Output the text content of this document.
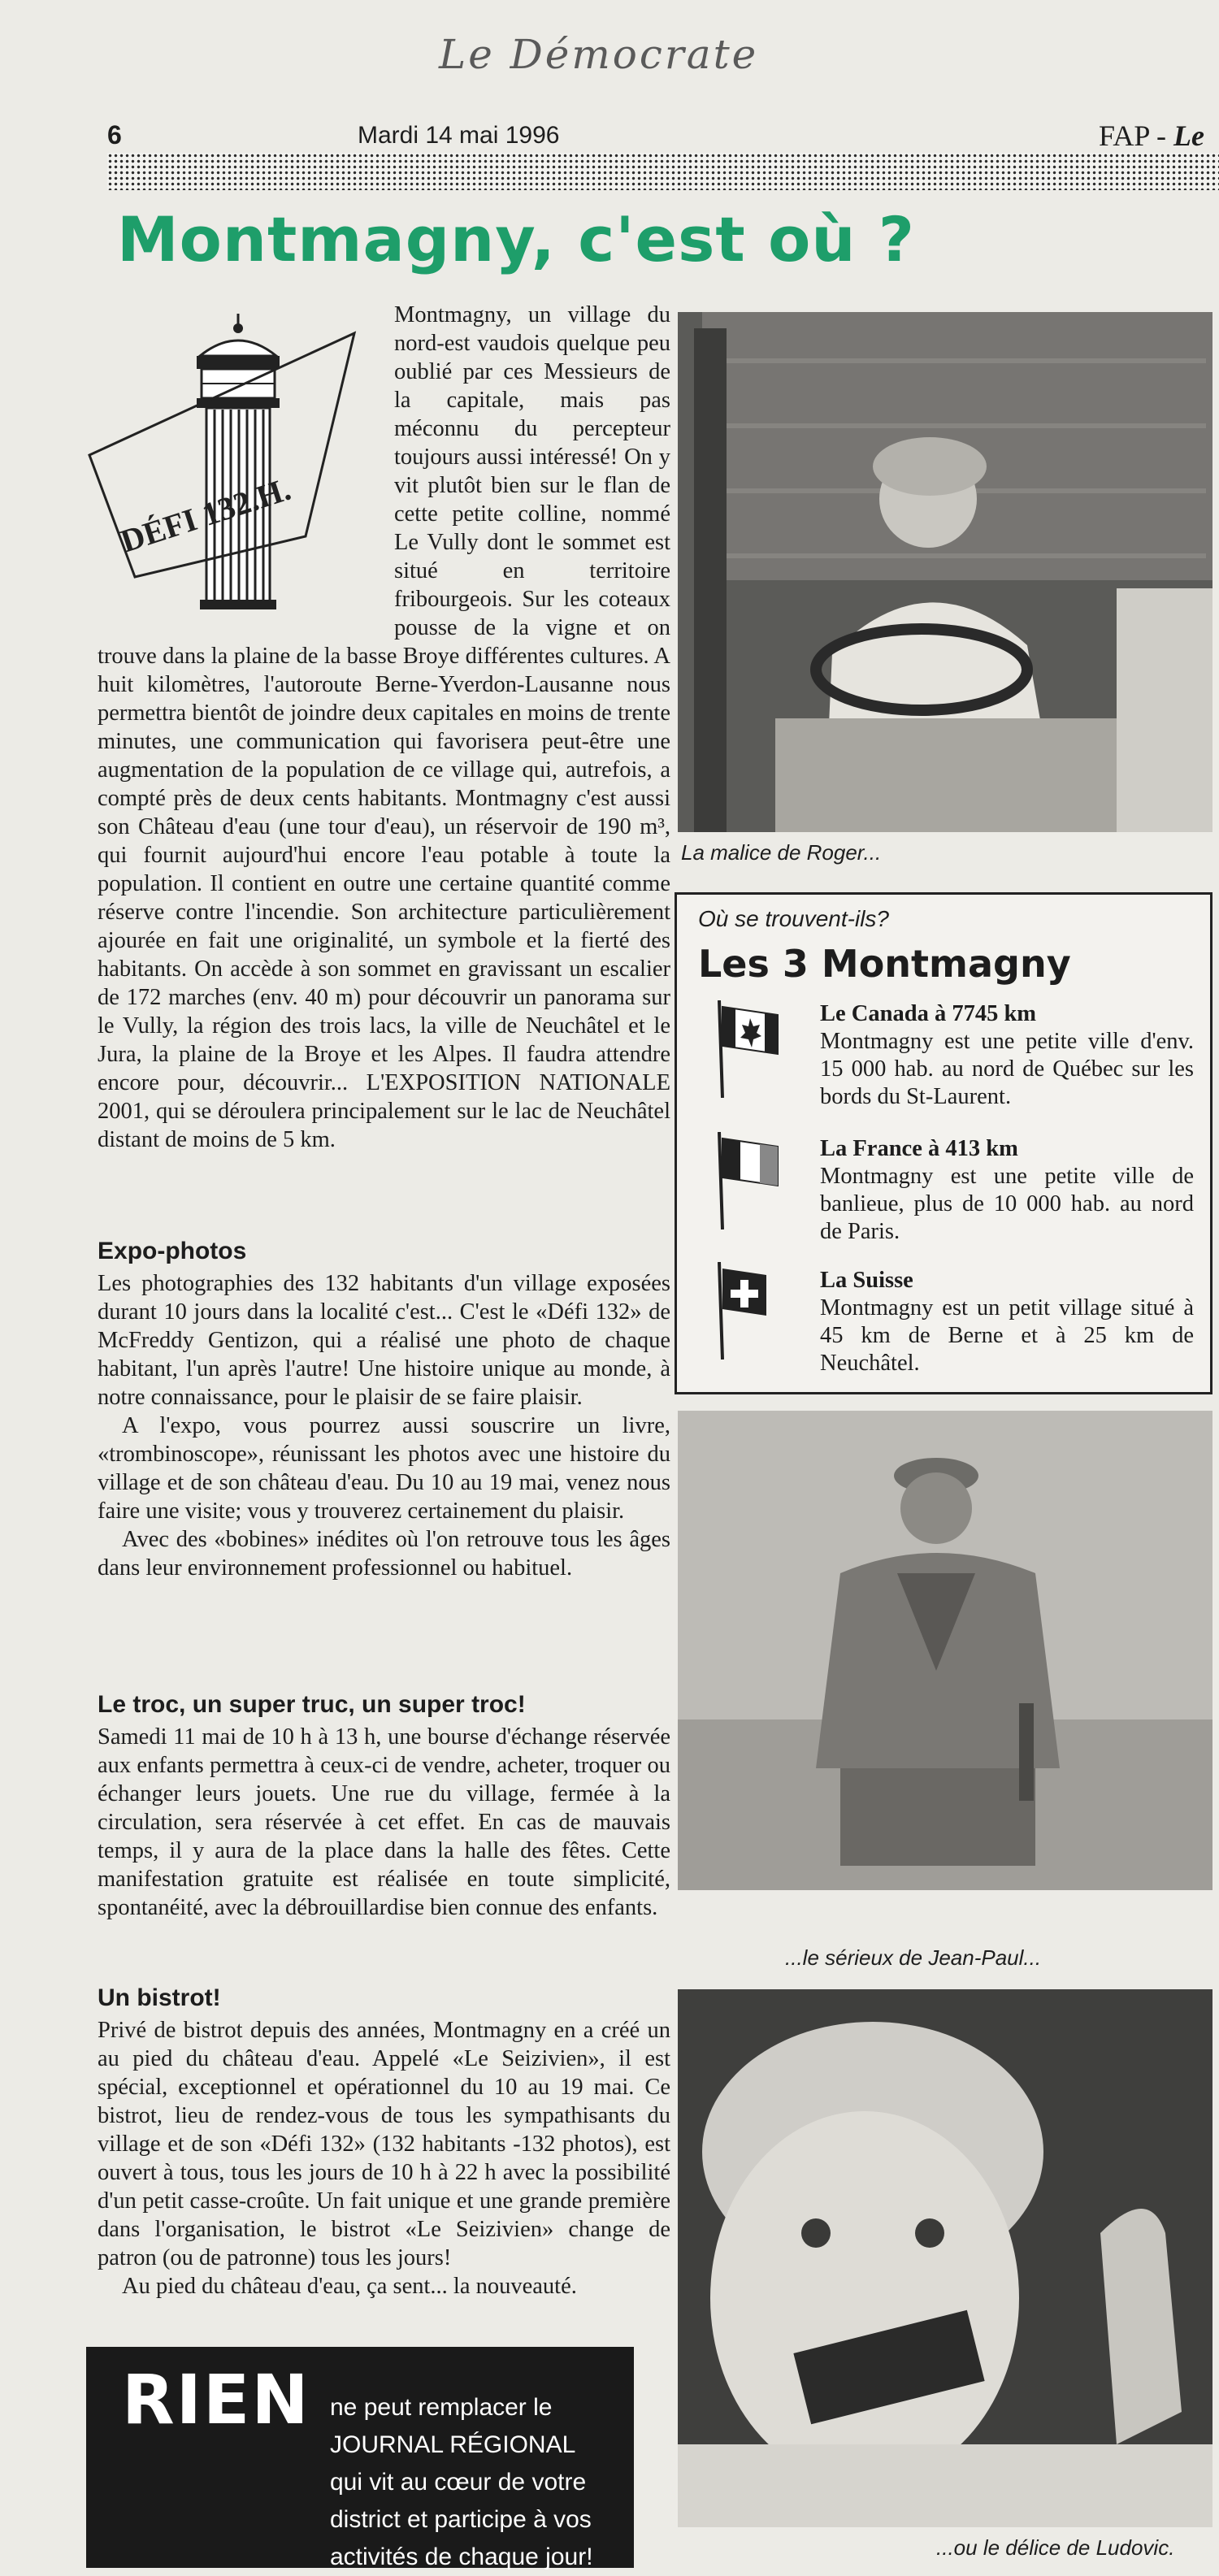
Le Démocrate
6	Mardi 14 mai 1996	FAP - Le
Montmagny, c'est où ?
DÉFI 132.H.

Montmagny, un village du nord-est vaudois quelque peu oublié par ces Messieurs de la capitale, mais pas méconnu du percepteur toujours aussi intéressé! On y vit plutôt bien sur le flan de cette petite colline, nommé Le Vully dont le sommet est situé en territoire fribourgeois. Sur les coteaux pousse de la vigne et on trouve dans la plaine de la basse Broye différentes cultures. A huit kilomètres, l'autoroute Berne-Yverdon-Lausanne nous permettra bientôt de joindre deux capitales en moins de trente minutes, une communication qui favorisera peut-être une augmentation de la population de ce village qui, autrefois, a compté près de deux cents habitants. Montmagny c'est aussi son Château d'eau (une tour d'eau), un réservoir de 190 m³, qui fournit aujourd'hui encore l'eau potable à toute la population. Il contient en outre une certaine quantité comme réserve contre l'incendie. Son architecture particulièrement ajourée en fait une originalité, un symbole et la fierté des habitants. On accède à son sommet en gravissant un escalier de 172 marches (env. 40 m) pour découvrir un panorama sur le Vully, la région des trois lacs, la ville de Neuchâtel et le Jura, la plaine de la Broye et les Alpes. Il faudra attendre encore pour, découvrir... L'EXPOSITION NATIONALE 2001, qui se déroulera principalement sur le lac de Neuchâtel distant de moins de 5 km.

Expo-photos

Les photographies des 132 habitants d'un village exposées durant 10 jours dans la localité c'est... C'est le «Défi 132» de McFreddy Gentizon, qui a réalisé une photo de chaque habitant, l'un après l'autre! Une histoire unique au monde, à notre connaissance, pour le plaisir de se faire plaisir.

A l'expo, vous pourrez aussi souscrire un livre, «trombinoscope», réunissant les photos avec une histoire du village et de son château d'eau. Du 10 au 19 mai, venez nous faire une visite; vous y trouverez certainement du plaisir.

Avec des «bobines» inédites où l'on retrouve tous les âges dans leur environnement professionnel ou habituel.

Le troc, un super truc, un super troc!

Samedi 11 mai de 10 h à 13 h, une bourse d'échange réservée aux enfants permettra à ceux-ci de vendre, acheter, troquer ou échanger leurs jouets. Une rue du village, fermée à la circulation, sera réservée à cet effet. En cas de mauvais temps, il y aura de la place dans la halle des fêtes. Cette manifestation gratuite est réalisée en toute simplicité, spontanéité, avec la débrouillardise bien connue des enfants.

Un bistrot!

Privé de bistrot depuis des années, Montmagny en a créé un au pied du château d'eau. Appelé «Le Seizivien», il est spécial, exceptionnel et opérationnel du 10 au 19 mai. Ce bistrot, lieu de rendez-vous de tous les sympathisants du village et de son «Défi 132» (132 habitants -132 photos), est ouvert à tous, tous les jours de 10 h à 22 h avec la possibilité d'un petit casse-croûte. Un fait unique et une grande première dans l'organisation, le bistrot «Le Seizivien» change de patron (ou de patronne) tous les jours!

Au pied du château d'eau, ça sent... la nouveauté.

RIEN ne peut remplacer le
JOURNAL RÉGIONAL
qui vit au cœur de votre
district et participe à vos
activités de chaque jour!
La malice de Roger...
Où se trouvent-ils?
Les 3 Montmagny
Le Canada à 7745 km
Montmagny est une petite ville d'env. 15 000 hab. au nord de Québec sur les bords du St-Laurent.
La France à 413 km
Montmagny est une petite ville de banlieue, plus de 10 000 hab. au nord de Paris.
La Suisse
Montmagny est un petit village situé à 45 km de Berne et à 25 km de Neuchâtel.
...le sérieux de Jean-Paul...
...ou le délice de Ludovic.
